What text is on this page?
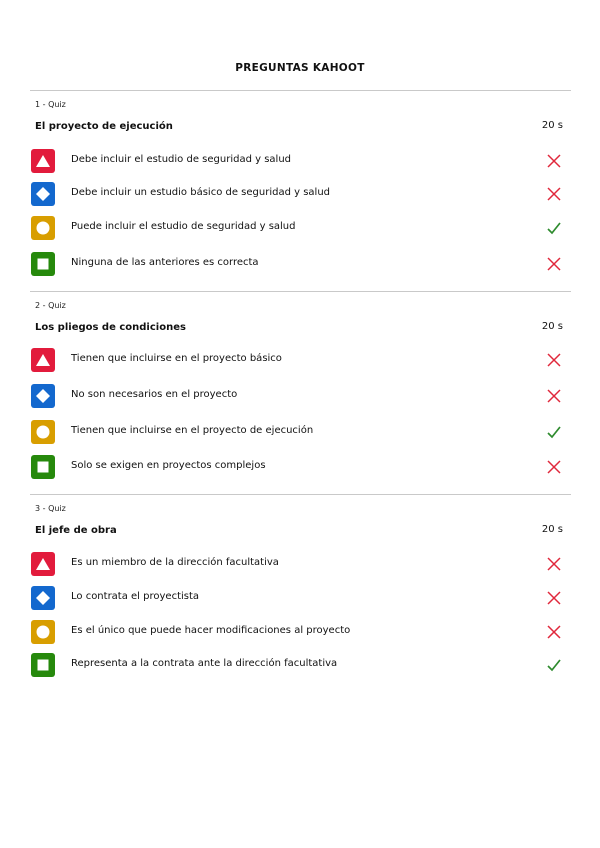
PREGUNTAS KAHOOT
1 - Quiz
El proyecto de ejecución	20 s
Debe incluir el estudio de seguridad y salud
Debe incluir un estudio básico de seguridad y salud
Puede incluir el estudio de seguridad y salud
Ninguna de las anteriores es correcta
2 - Quiz
Los pliegos de condiciones	20 s
Tienen que incluirse en el proyecto básico
No son necesarios en el proyecto
Tienen que incluirse en el proyecto de ejecución
Solo se exigen en proyectos complejos
3 - Quiz
El jefe de obra	20 s
Es un miembro de la dirección facultativa
Lo contrata el proyectista
Es el único que puede hacer modificaciones al proyecto
Representa a la contrata ante la dirección facultativa
